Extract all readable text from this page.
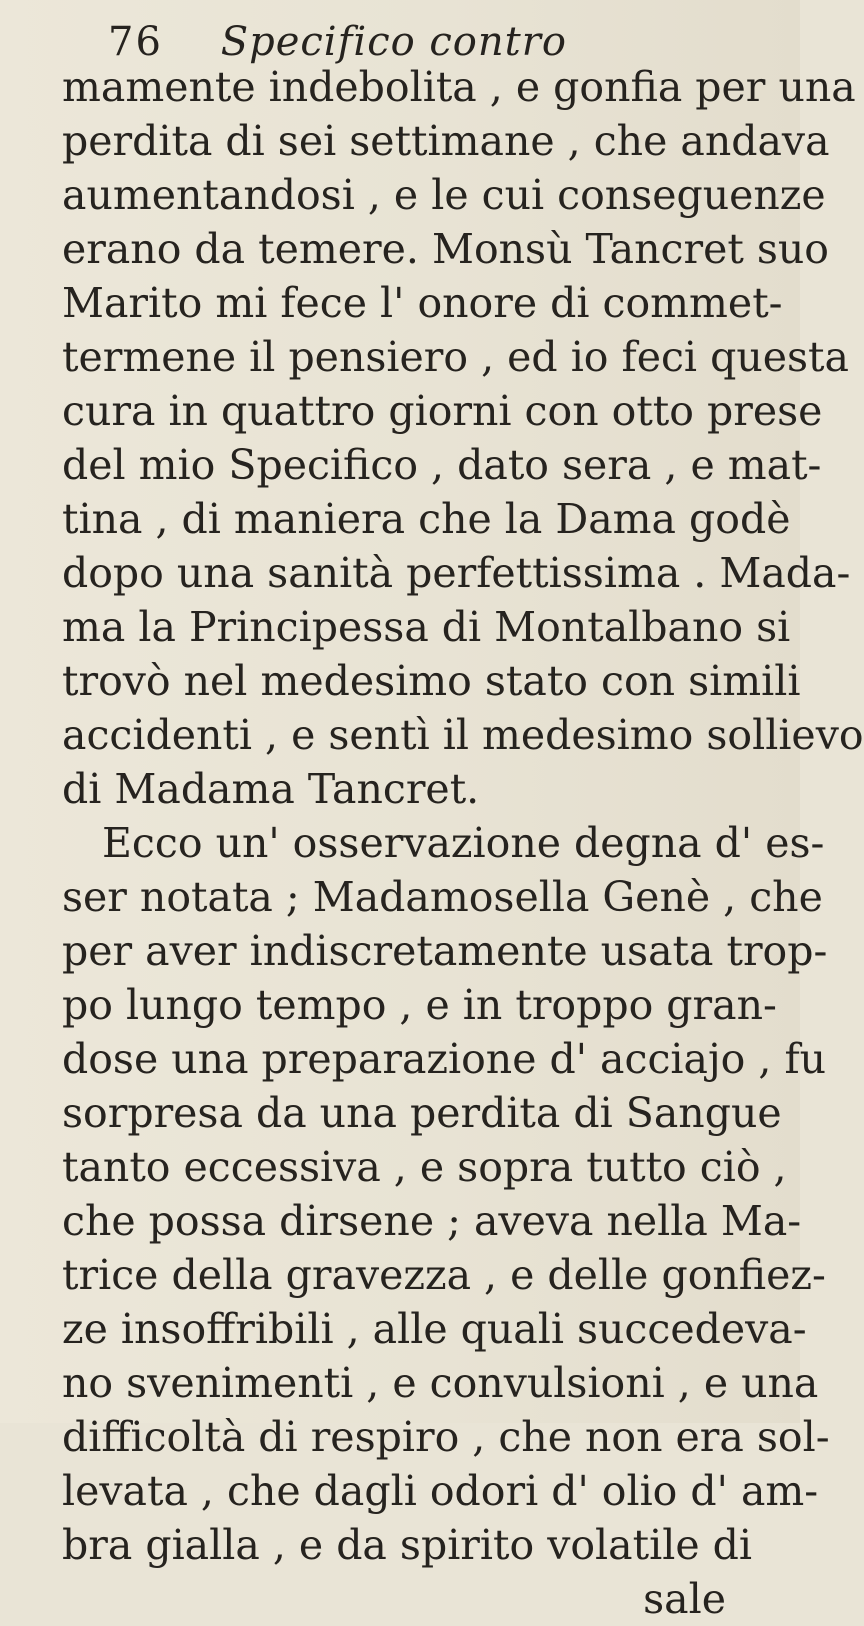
76 Specifico contro
mamente indebolita , e gonfia per una
perdita di sei settimane , che andava
aumentandosi , e le cui conseguenze
erano da temere. Monsù Tancret suo
Marito mi fece l' onore di commet-
termene il pensiero , ed io feci questa
cura in quattro giorni con otto prese
del mio Specifico , dato sera , e mat-
tina , di maniera che la Dama godè
dopo una sanità perfettissima . Mada-
ma la Principessa di Montalbano si
trovò nel medesimo stato con simili
accidenti , e sentì il medesimo sollievo
di Madama Tancret.
Ecco un' osservazione degna d' es-
ser notata ; Madamosella Genè , che
per aver indiscretamente usata trop-
po lungo tempo , e in troppo gran-
dose una preparazione d' acciajo , fu
sorpresa da una perdita di Sangue
tanto eccessiva , e sopra tutto ciò ,
che possa dirsene ; aveva nella Ma-
trice della gravezza , e delle gonfiez-
ze insoffribili , alle quali succedeva-
no svenimenti , e convulsioni , e una
difficoltà di respiro , che non era sol-
levata , che dagli odori d' olio d' am-
bra gialla , e da spirito volatile di
sale
